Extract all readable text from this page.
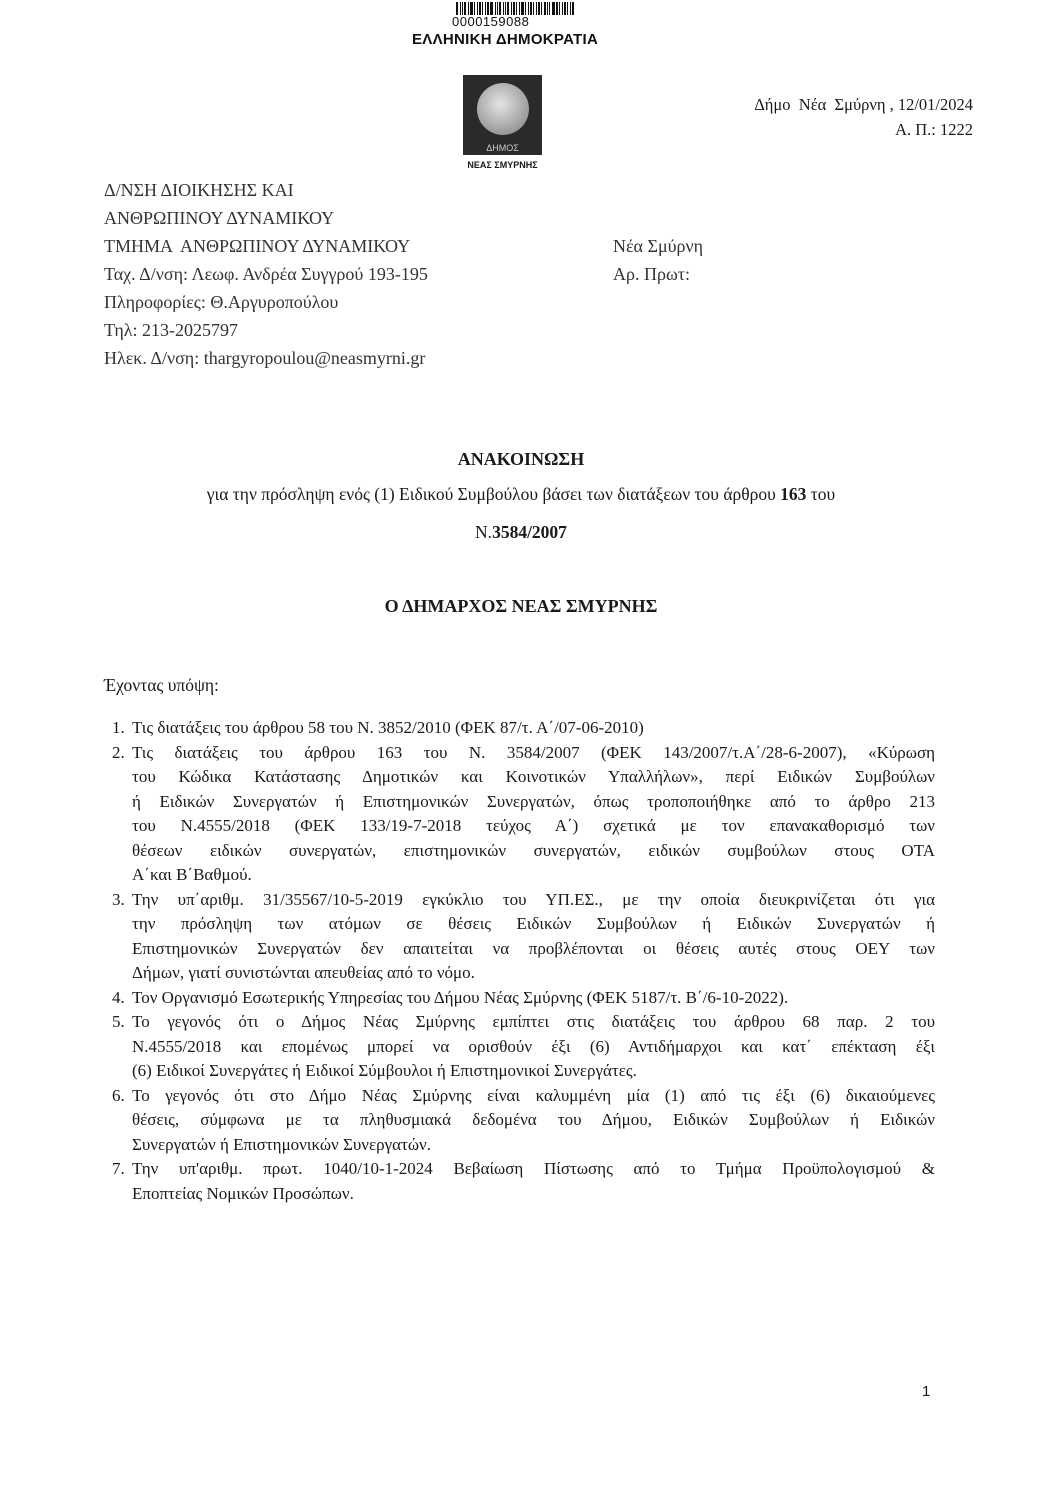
0000159088
ΕΛΛΗΝΙΚΗ ΔΗΜΟΚΡΑΤΙΑ
ΔΗΜΟΣ
ΝΕΑΣ ΣΜΥΡΝΗΣ
Δήμο  Νέα  Σμύρνη , 12/01/2024
Α. Π.: 1222
Δ/ΝΣΗ ΔΙΟΙΚΗΣΗΣ ΚΑΙ
ΑΝΘΡΩΠΙΝΟΥ ΔΥΝΑΜΙΚΟΥ
ΤΜΗΜΑ  ΑΝΘΡΩΠΙΝΟΥ ΔΥΝΑΜΙΚΟΥ
Ταχ. Δ/νση: Λεωφ. Ανδρέα Συγγρού 193-195
Πληροφορίες: Θ.Αργυροπούλου
Τηλ: 213-2025797
Ηλεκ. Δ/νση: thargyropoulou@neasmyrni.gr
Νέα Σμύρνη
Αρ. Πρωτ:
ΑΝΑΚΟΙΝΩΣΗ
για την πρόσληψη ενός (1) Ειδικού Συμβούλου βάσει των διατάξεων του άρθρου 163 του
Ν.3584/2007
Ο ΔΗΜΑΡΧΟΣ ΝΕΑΣ ΣΜΥΡΝΗΣ
Έχοντας υπόψη:
1. Τις διατάξεις του άρθρου 58 του Ν. 3852/2010 (ΦΕΚ 87/τ. Α΄/07-06-2010)
2. Τις διατάξεις του άρθρου 163 του Ν. 3584/2007 (ΦΕΚ 143/2007/τ.Α΄/28-6-2007), «Κύρωση
του Κώδικα Κατάστασης Δημοτικών και Κοινοτικών Υπαλλήλων», περί Ειδικών Συμβούλων
ή Ειδικών Συνεργατών ή Επιστημονικών Συνεργατών, όπως τροποποιήθηκε από το άρθρο 213
του Ν.4555/2018 (ΦΕΚ 133/19-7-2018 τεύχος Α΄) σχετικά με τον επανακαθορισμό των
θέσεων ειδικών συνεργατών, επιστημονικών συνεργατών, ειδικών συμβούλων στους ΟΤΑ
Α΄και Β΄Βαθμού.
3. Την υπ΄αριθμ. 31/35567/10-5-2019 εγκύκλιο του ΥΠ.ΕΣ., με την οποία διευκρινίζεται ότι για
την πρόσληψη των ατόμων σε θέσεις Ειδικών Συμβούλων ή Ειδικών Συνεργατών ή
Επιστημονικών Συνεργατών δεν απαιτείται να προβλέπονται οι θέσεις αυτές στους ΟΕΥ των
Δήμων, γιατί συνιστώνται απευθείας από το νόμο.
4. Τον Οργανισμό Εσωτερικής Υπηρεσίας του Δήμου Νέας Σμύρνης (ΦΕΚ 5187/τ. Β΄/6-10-2022).
5. Το γεγονός ότι ο Δήμος Νέας Σμύρνης εμπίπτει στις διατάξεις του άρθρου 68 παρ. 2 του
Ν.4555/2018 και επομένως μπορεί να ορισθούν έξι (6) Αντιδήμαρχοι και κατ΄ επέκταση έξι
(6) Ειδικοί Συνεργάτες ή Ειδικοί Σύμβουλοι ή Επιστημονικοί Συνεργάτες.
6. Το γεγονός ότι στο Δήμο Νέας Σμύρνης είναι καλυμμένη μία (1) από τις έξι (6) δικαιούμενες
θέσεις, σύμφωνα με τα πληθυσμιακά δεδομένα του Δήμου, Ειδικών Συμβούλων ή Ειδικών
Συνεργατών ή Επιστημονικών Συνεργατών.
7. Την υπ'αριθμ. πρωτ. 1040/10-1-2024 Βεβαίωση Πίστωσης από το Τμήμα Προϋπολογισμού &
Εποπτείας Νομικών Προσώπων.
1
